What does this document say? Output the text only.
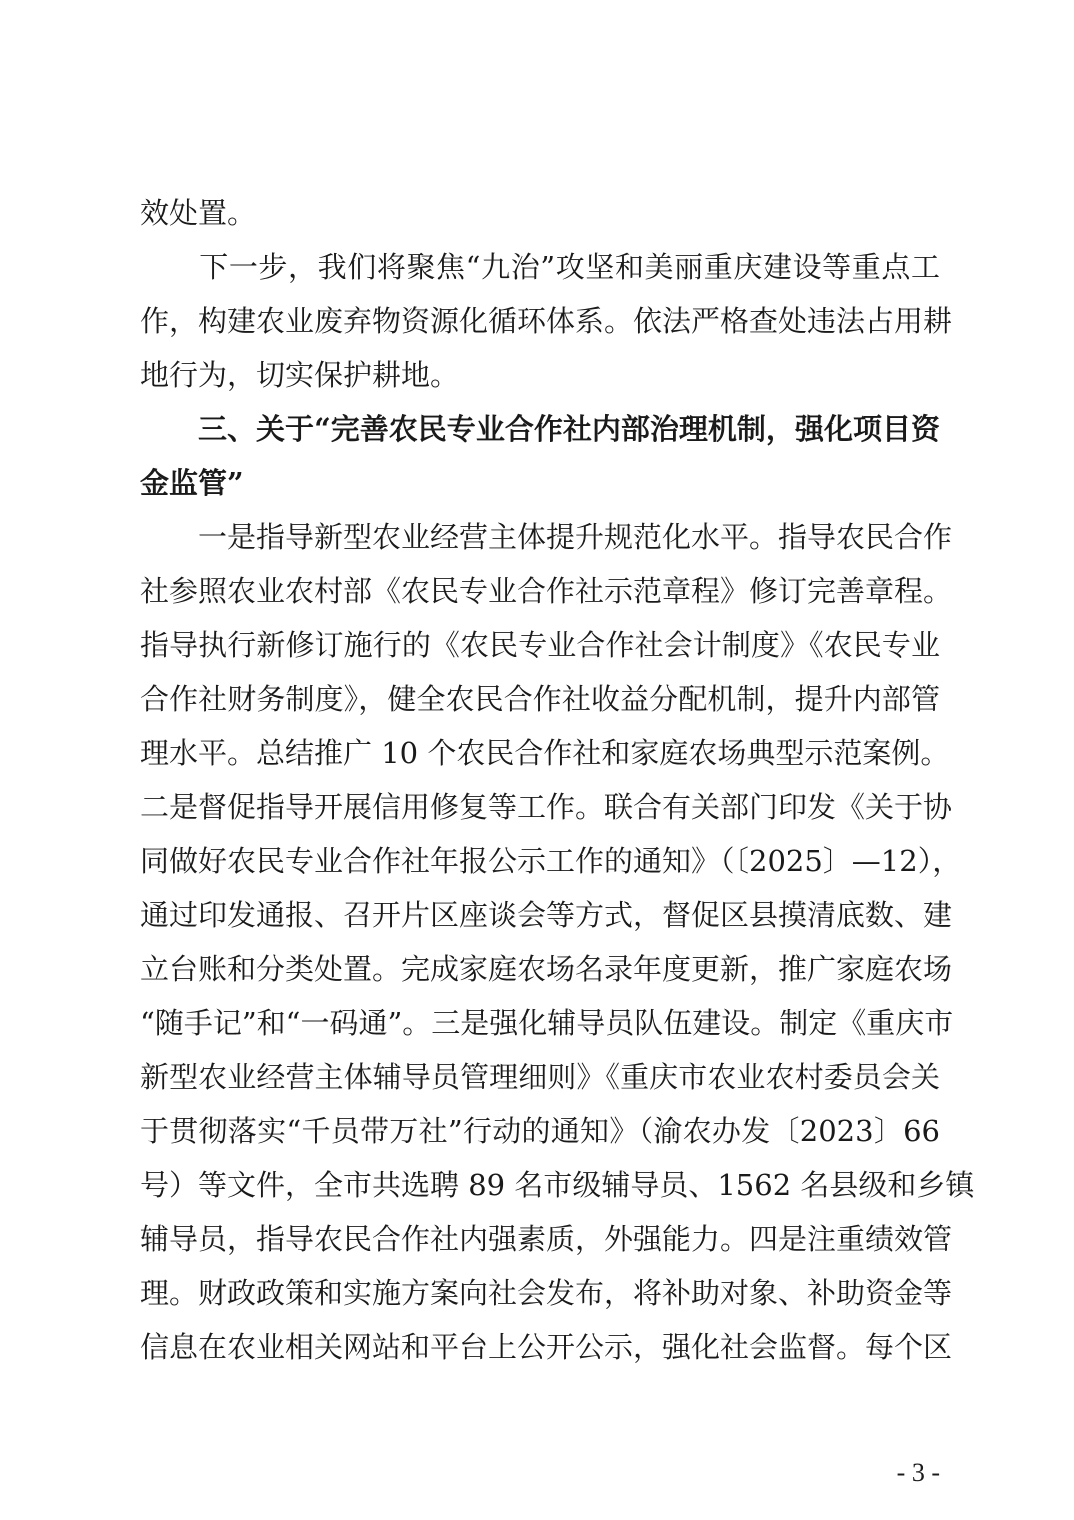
效处置。
　　下一步，我们将聚焦“九治”攻坚和美丽重庆建设等重点工
作，构建农业废弃物资源化循环体系。依法严格查处违法占用耕
地行为，切实保护耕地。
　　三、关于“完善农民专业合作社内部治理机制，强化项目资
金监管”
　　一是指导新型农业经营主体提升规范化水平。指导农民合作
社参照农业农村部《农民专业合作社示范章程》修订完善章程。
指导执行新修订施行的《农民专业合作社会计制度》《农民专业
合作社财务制度》，健全农民合作社收益分配机制，提升内部管
理水平。总结推广 10 个农民合作社和家庭农场典型示范案例。
二是督促指导开展信用修复等工作。联合有关部门印发《关于协
同做好农民专业合作社年报公示工作的通知》（〔2025〕—12），
通过印发通报、召开片区座谈会等方式，督促区县摸清底数、建
立台账和分类处置。完成家庭农场名录年度更新，推广家庭农场
“随手记”和“一码通”。三是强化辅导员队伍建设。制定《重庆市
新型农业经营主体辅导员管理细则》《重庆市农业农村委员会关
于贯彻落实“千员带万社”行动的通知》（渝农办发〔2023〕66
号）等文件，全市共选聘 89 名市级辅导员、1562 名县级和乡镇
辅导员，指导农民合作社内强素质，外强能力。四是注重绩效管
理。财政政策和实施方案向社会发布，将补助对象、补助资金等
信息在农业相关网站和平台上公开公示，强化社会监督。每个区
- 3 -
